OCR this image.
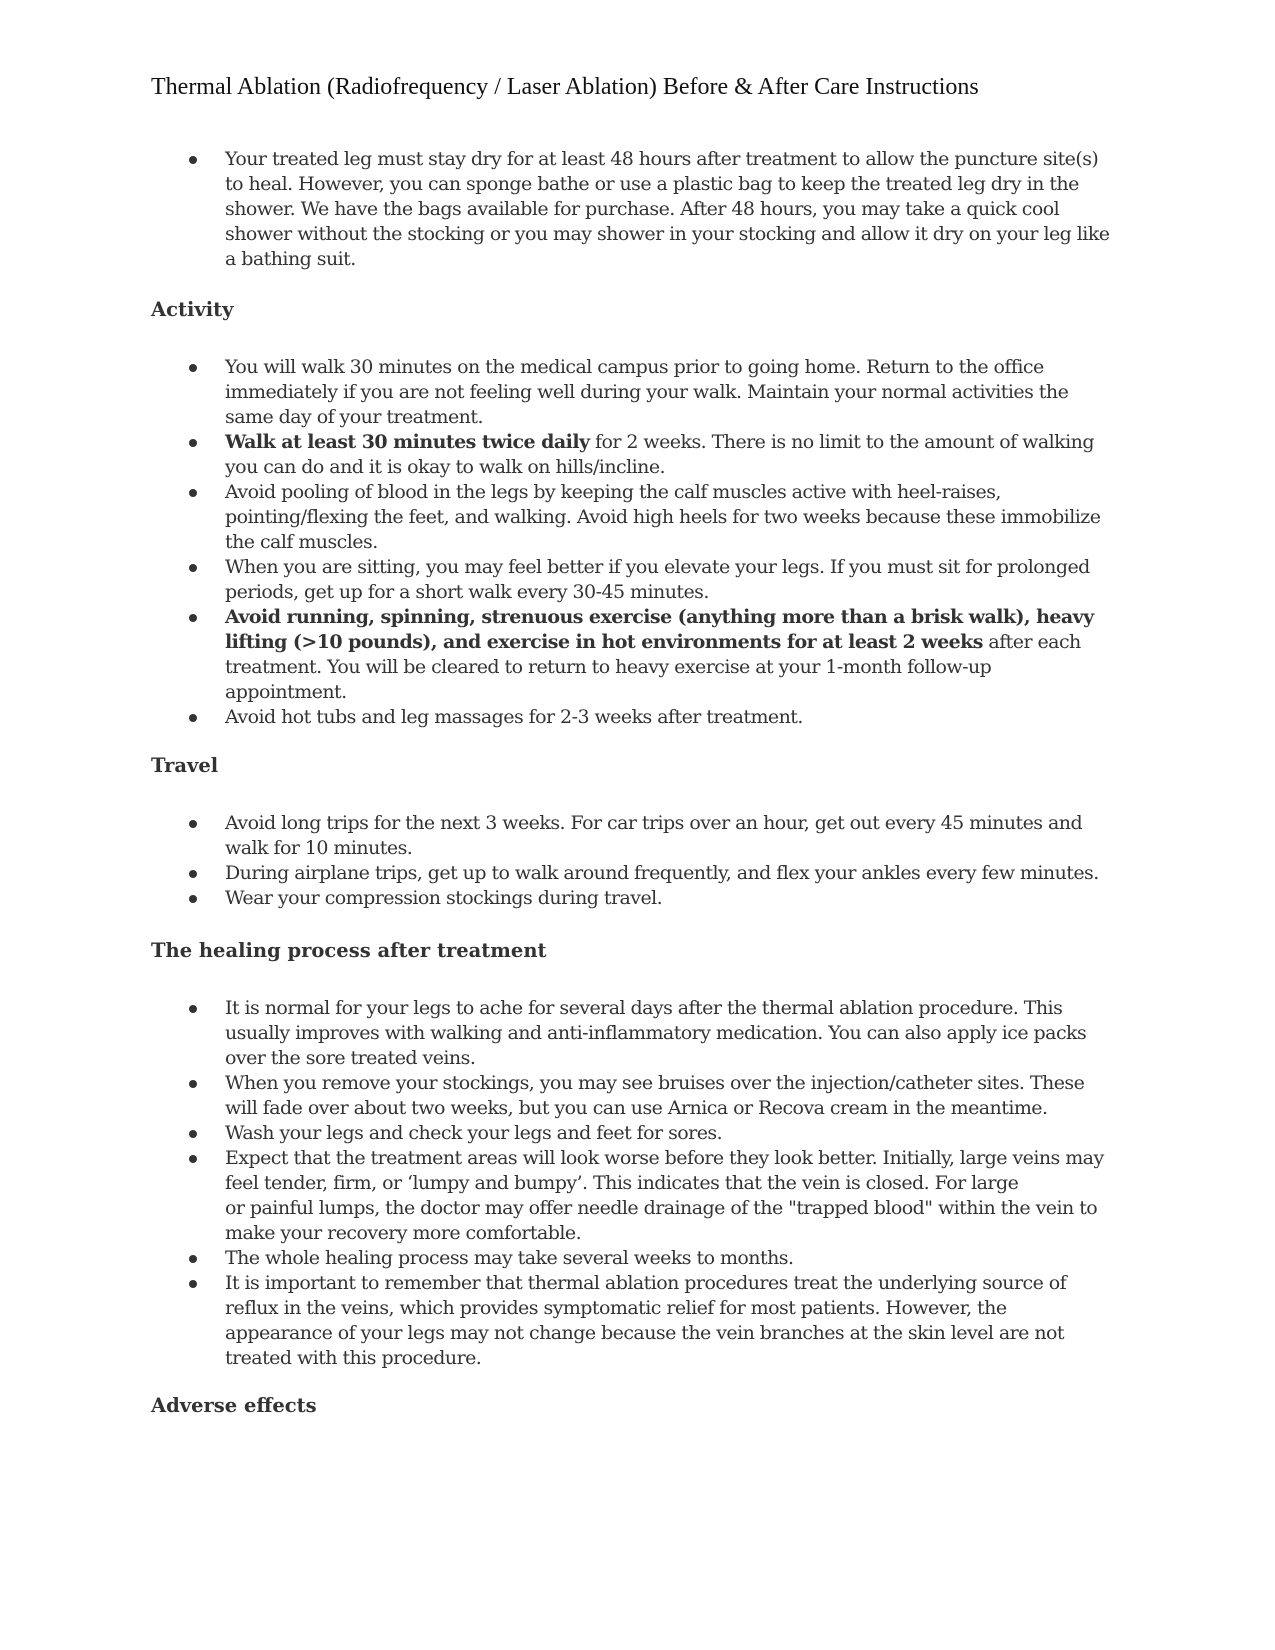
Thermal Ablation (Radiofrequency / Laser Ablation) Before & After Care Instructions
Your treated leg must stay dry for at least 48 hours after treatment to allow the puncture site(s)
to heal. However, you can sponge bathe or use a plastic bag to keep the treated leg dry in the
shower. We have the bags available for purchase. After 48 hours, you may take a quick cool
shower without the stocking or you may shower in your stocking and allow it dry on your leg like
a bathing suit.
Activity
You will walk 30 minutes on the medical campus prior to going home. Return to the office
immediately if you are not feeling well during your walk. Maintain your normal activities the
same day of your treatment.
Walk at least 30 minutes twice daily for 2 weeks. There is no limit to the amount of walking
you can do and it is okay to walk on hills/incline.
Avoid pooling of blood in the legs by keeping the calf muscles active with heel-raises,
pointing/flexing the feet, and walking. Avoid high heels for two weeks because these immobilize
the calf muscles.
When you are sitting, you may feel better if you elevate your legs. If you must sit for prolonged
periods, get up for a short walk every 30-45 minutes.
Avoid running, spinning, strenuous exercise (anything more than a brisk walk), heavy
lifting (>10 pounds), and exercise in hot environments for at least 2 weeks after each
treatment. You will be cleared to return to heavy exercise at your 1-month follow-up
appointment.
Avoid hot tubs and leg massages for 2-3 weeks after treatment.
Travel
Avoid long trips for the next 3 weeks. For car trips over an hour, get out every 45 minutes and
walk for 10 minutes.
During airplane trips, get up to walk around frequently, and flex your ankles every few minutes.
Wear your compression stockings during travel.
The healing process after treatment
It is normal for your legs to ache for several days after the thermal ablation procedure. This
usually improves with walking and anti-inflammatory medication. You can also apply ice packs
over the sore treated veins.
When you remove your stockings, you may see bruises over the injection/catheter sites. These
will fade over about two weeks, but you can use Arnica or Recova cream in the meantime.
Wash your legs and check your legs and feet for sores.
Expect that the treatment areas will look worse before they look better. Initially, large veins may
feel tender, firm, or ‘lumpy and bumpy’. This indicates that the vein is closed. For large
or painful lumps, the doctor may offer needle drainage of the "trapped blood" within the vein to
make your recovery more comfortable.
The whole healing process may take several weeks to months.
It is important to remember that thermal ablation procedures treat the underlying source of
reflux in the veins, which provides symptomatic relief for most patients. However, the
appearance of your legs may not change because the vein branches at the skin level are not
treated with this procedure.
Adverse effects
